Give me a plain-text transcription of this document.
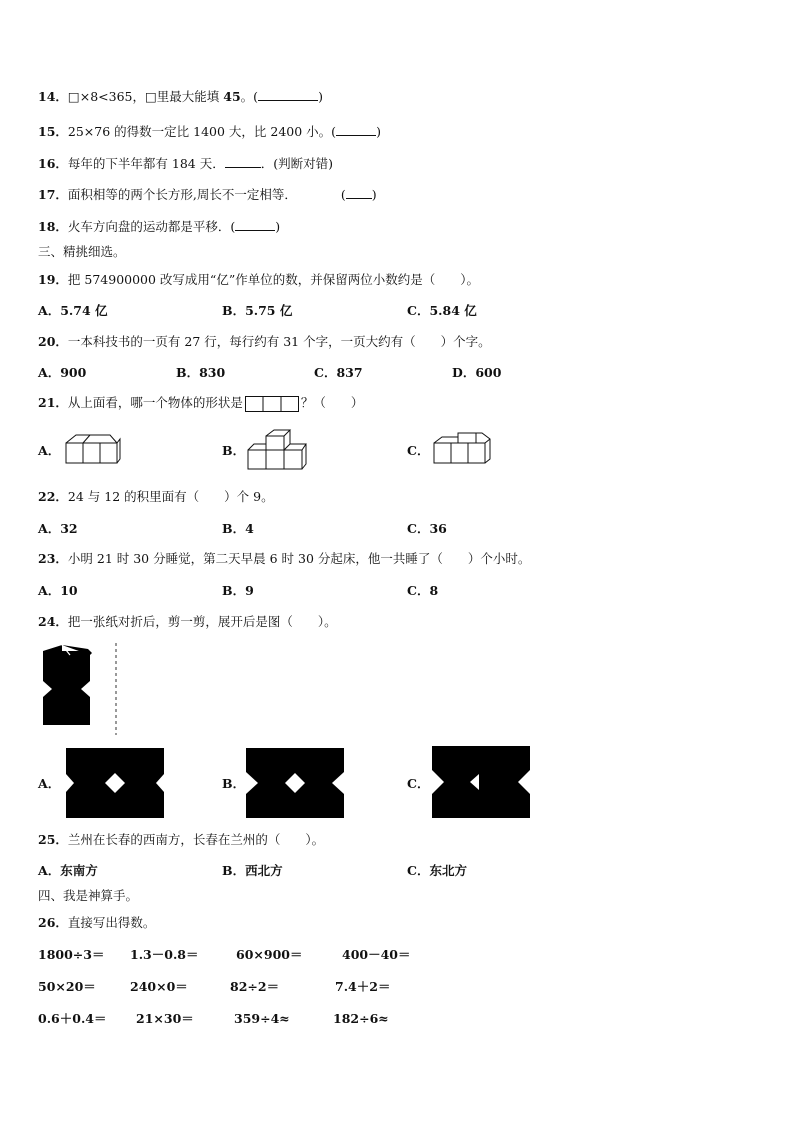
14．□×8<365，□里最大能填 45。(	)
15．25×76 的得数一定比 1400 大，比 2400 小。(	)
16．每年的下半年都有 184 天．	．(判断对错)
17．面积相等的两个长方形,周长不一定相等．	( )
18．火车方向盘的运动都是平移．(	)
三、精挑细选。
19．把 574900000 改写成用“亿”作单位的数，并保留两位小数约是（　　）。
A．5.74 亿	B．5.75 亿	C．5.84 亿
20．一本科技书的一页有 27 行，每行约有 31 个字，一页大约有（　　）个字。
A．900	B．830	C．837	D．600
21．从上面看，哪一个物体的形状是	？（　　）
A．	B．	C．
22．24 与 12 的积里面有（　　）个 9。
A．32	B．4	C．36
23．小明 21 时 30 分睡觉，第二天早晨 6 时 30 分起床，他一共睡了（　　）个小时。
A．10	B．9	C．8
24．把一张纸对折后，剪一剪，展开后是图（　　）。
A．	B．	C．
25．兰州在长春的西南方，长春在兰州的（　　）。
A．东南方	B．西北方	C．东北方
四、我是神算手。
26．直接写出得数。
1800÷3＝ 1.3－0.8＝	60×900＝	400－40＝
50×20＝	240×0＝	82÷2＝	7.4＋2＝
0.6＋0.4＝ 21×30＝	359÷4≈	182÷6≈
